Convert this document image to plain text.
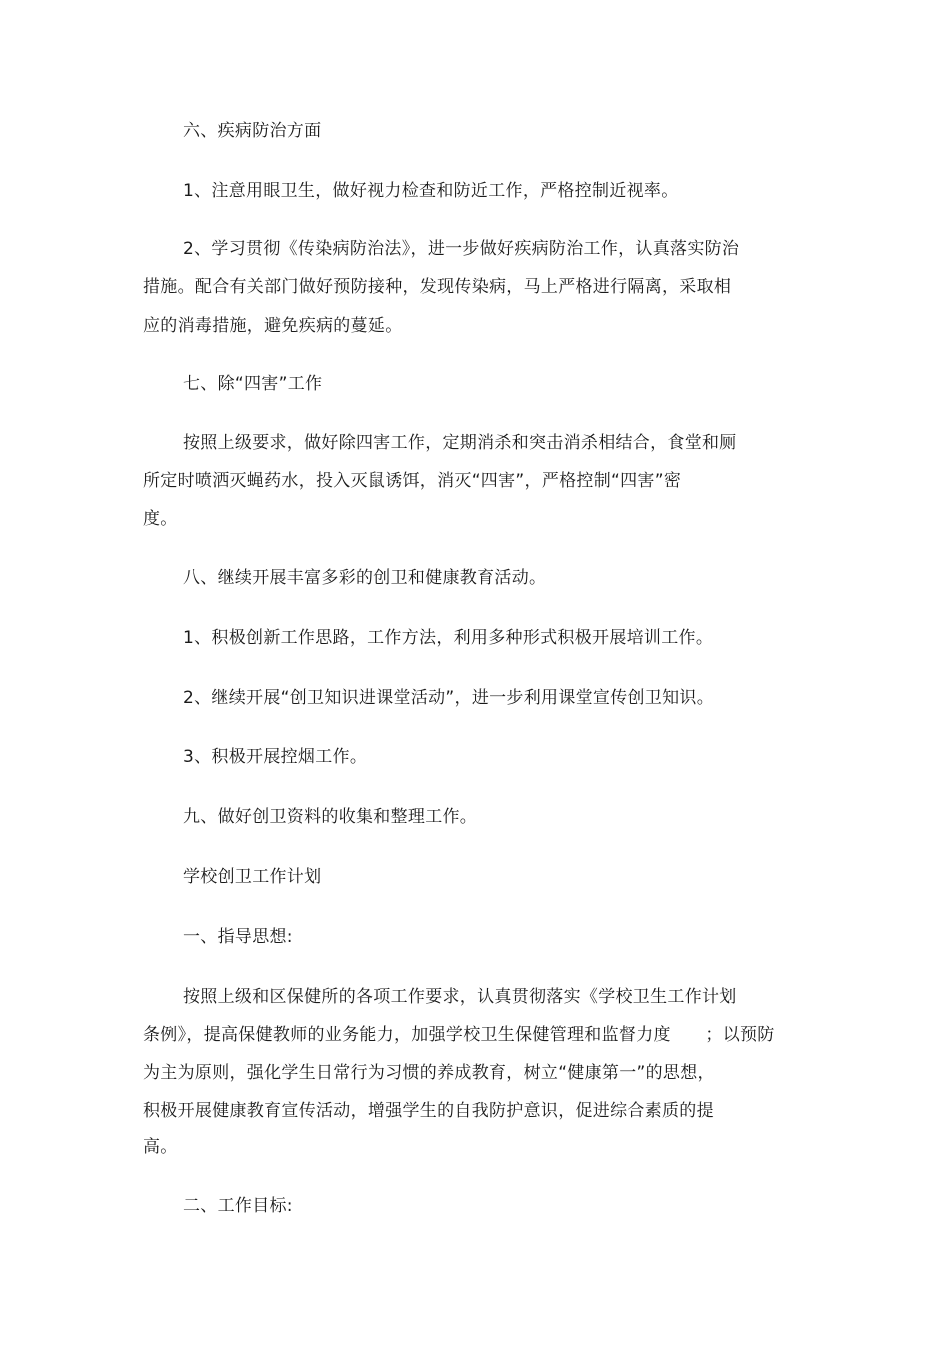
六、疾病防治方面
1、注意用眼卫生，做好视力检查和防近工作，严格控制近视率。
2、学习贯彻《传染病防治法》，进一步做好疾病防治工作，认真落实防治
措施。配合有关部门做好预防接种，发现传染病，马上严格进行隔离，采取相
应的消毒措施，避免疾病的蔓延。
七、除“四害”工作
按照上级要求，做好除四害工作，定期消杀和突击消杀相结合，食堂和厕
所定时喷洒灭蝇药水，投入灭鼠诱饵，消灭“四害”，严格控制“四害”密
度。
八、继续开展丰富多彩的创卫和健康教育活动。
1、积极创新工作思路，工作方法，利用多种形式积极开展培训工作。
2、继续开展“创卫知识进课堂活动”，进一步利用课堂宣传创卫知识。
3、积极开展控烟工作。
九、做好创卫资料的收集和整理工作。
学校创卫工作计划
一、指导思想:
按照上级和区保健所的各项工作要求，认真贯彻落实《学校卫生工作计划
条例》，提高保健教师的业务能力，加强学校卫生保健管理和监督力度　　；以预防
为主为原则，强化学生日常行为习惯的养成教育，树立“健康第一”的思想，
积极开展健康教育宣传活动，增强学生的自我防护意识，促进综合素质的提
高。
二、工作目标:
